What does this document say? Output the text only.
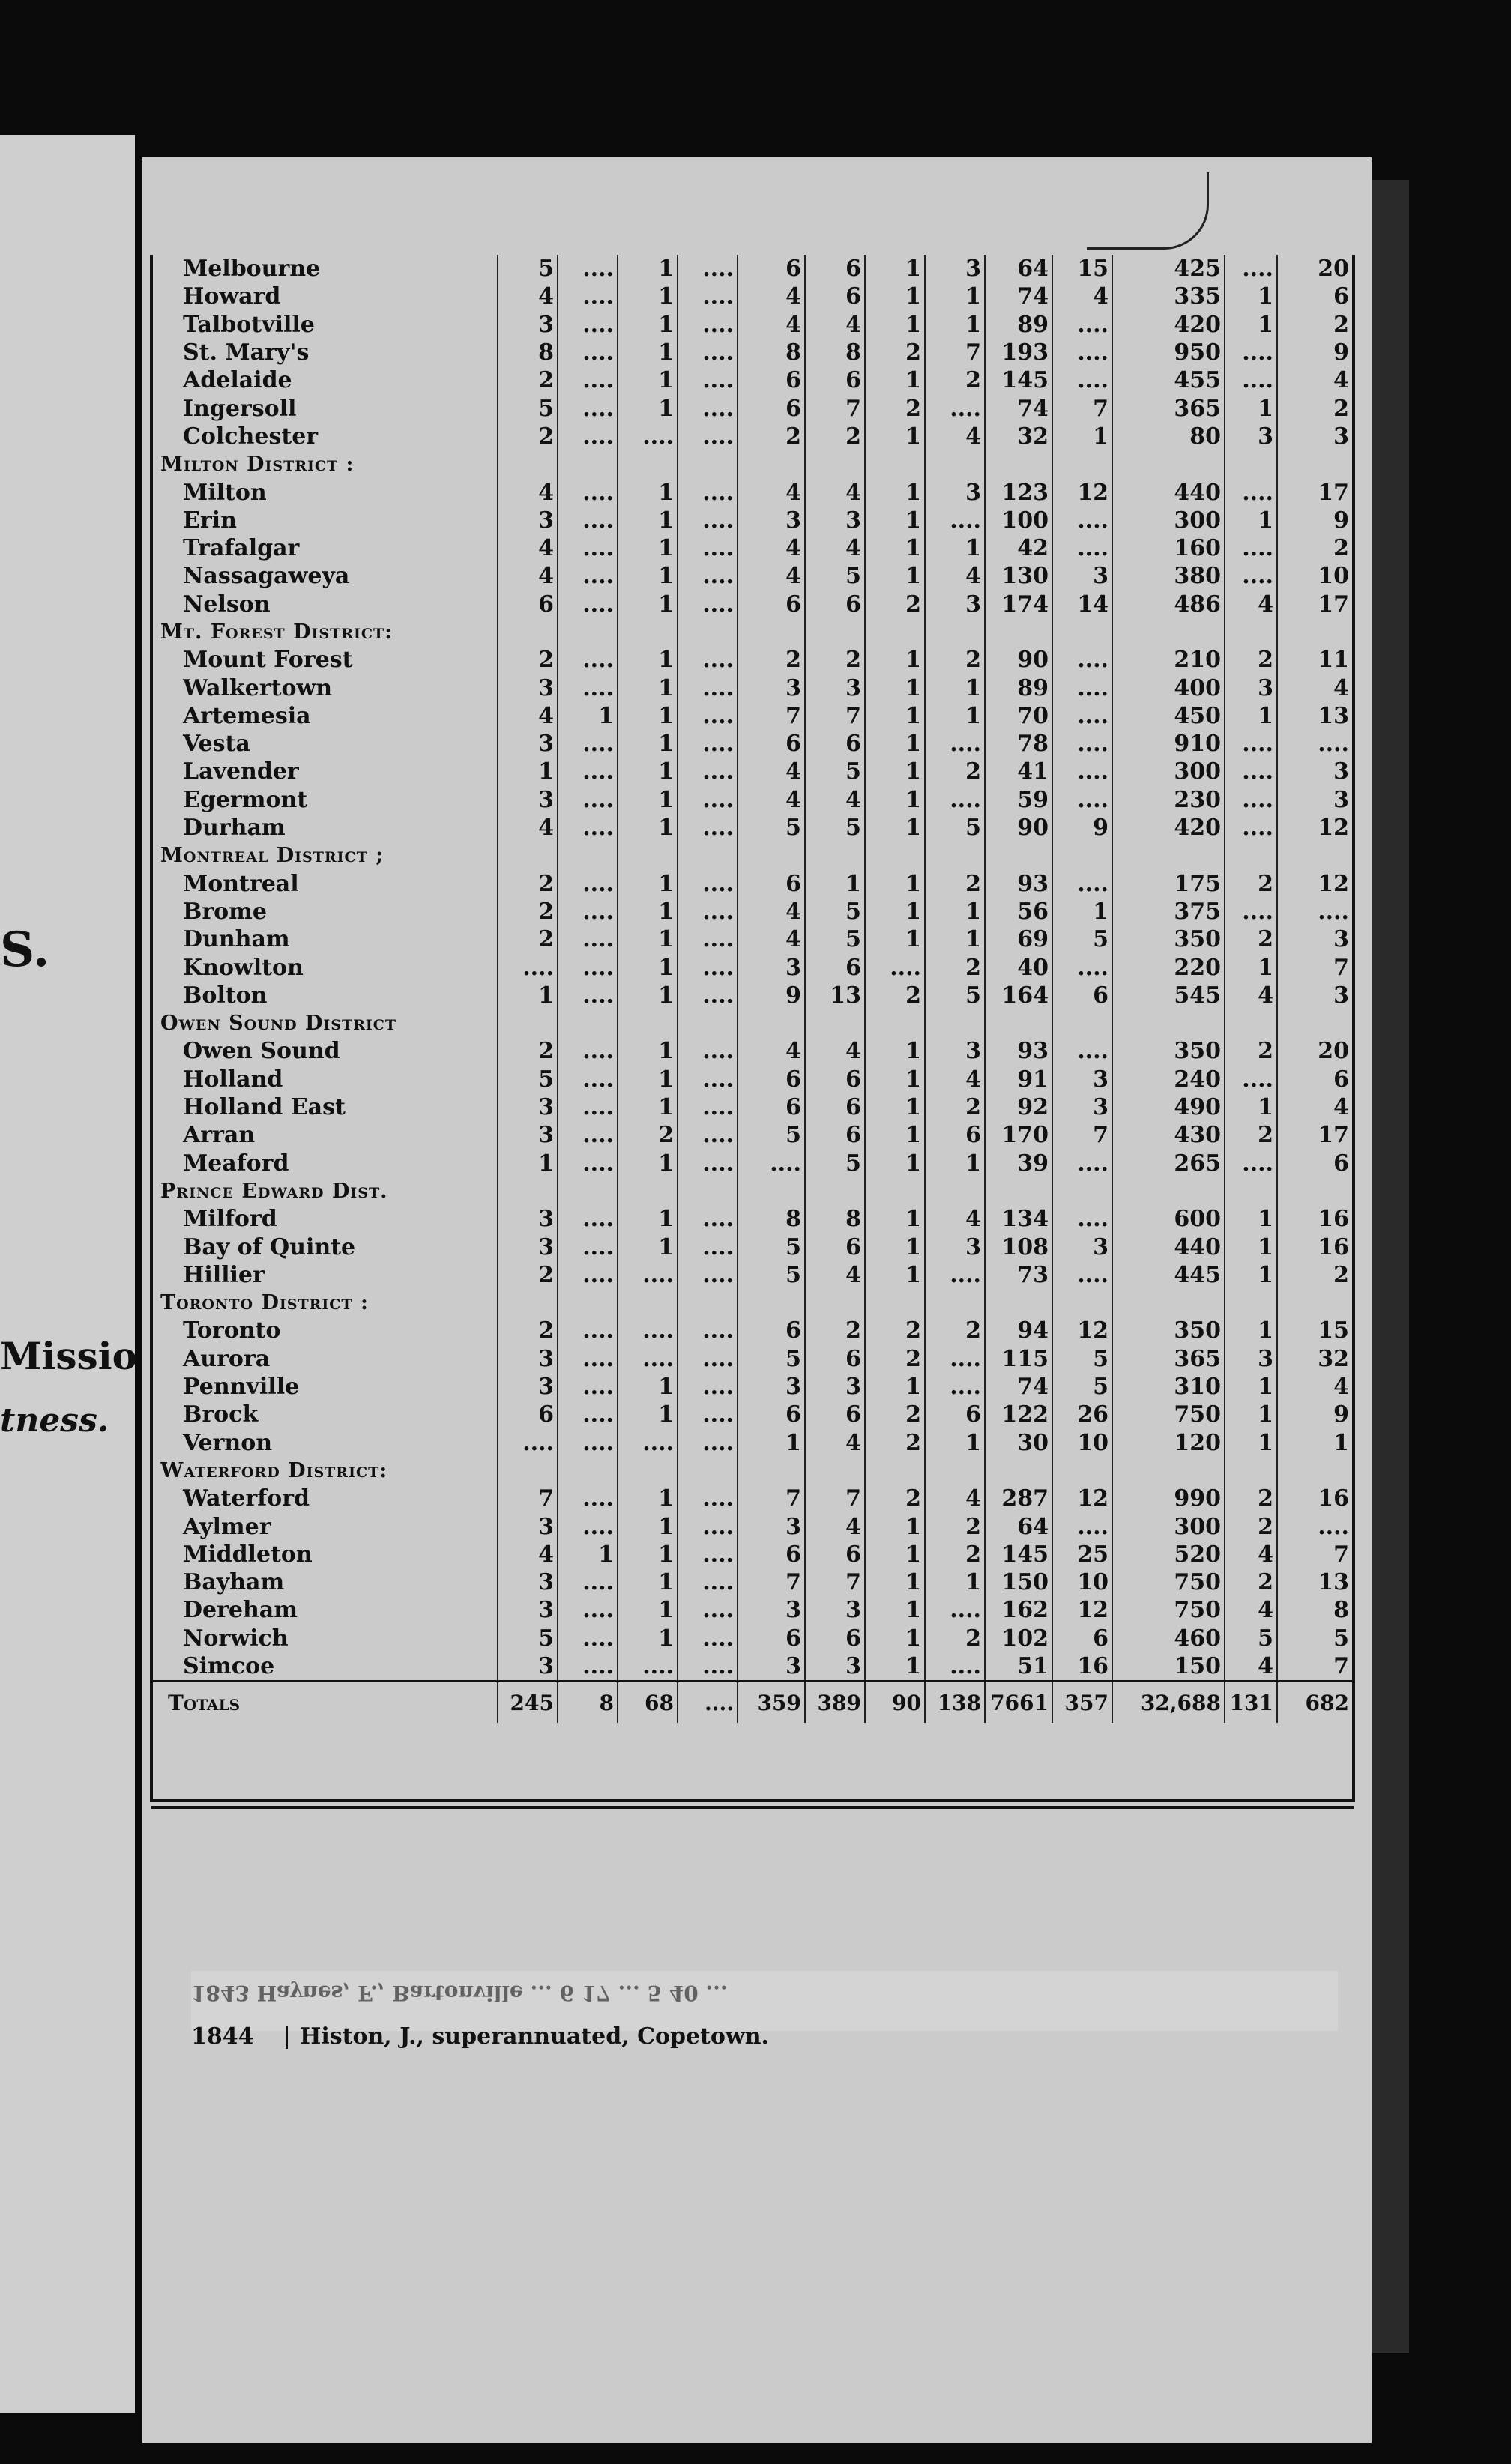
S.
Missio
tness.
Melbourne	5	....	1	....	6	6	1	3	64	15	425	....	20
Howard	4	....	1	....	4	6	1	1	74	4	335	1	6
Talbotville	3	....	1	....	4	4	1	1	89	....	420	1	2
St. Mary's	8	....	1	....	8	8	2	7	193	....	950	....	9
Adelaide	2	....	1	....	6	6	1	2	145	....	455	....	4
Ingersoll	5	....	1	....	6	7	2	....	74	7	365	1	2
Colchester	2	....	....	....	2	2	1	4	32	1	80	3	3
Milton District :													
Milton	4	....	1	....	4	4	1	3	123	12	440	....	17
Erin	3	....	1	....	3	3	1	....	100	....	300	1	9
Trafalgar	4	....	1	....	4	4	1	1	42	....	160	....	2
Nassagaweya	4	....	1	....	4	5	1	4	130	3	380	....	10
Nelson	6	....	1	....	6	6	2	3	174	14	486	4	17
Mt. Forest District:													
Mount Forest	2	....	1	....	2	2	1	2	90	....	210	2	11
Walkertown	3	....	1	....	3	3	1	1	89	....	400	3	4
Artemesia	4	1	1	....	7	7	1	1	70	....	450	1	13
Vesta	3	....	1	....	6	6	1	....	78	....	910	....	....
Lavender	1	....	1	....	4	5	1	2	41	....	300	....	3
Egermont	3	....	1	....	4	4	1	....	59	....	230	....	3
Durham	4	....	1	....	5	5	1	5	90	9	420	....	12
Montreal District ;													
Montreal	2	....	1	....	6	1	1	2	93	....	175	2	12
Brome	2	....	1	....	4	5	1	1	56	1	375	....	....
Dunham	2	....	1	....	4	5	1	1	69	5	350	2	3
Knowlton	....	....	1	....	3	6	....	2	40	....	220	1	7
Bolton	1	....	1	....	9	13	2	5	164	6	545	4	3
Owen Sound District													
Owen Sound	2	....	1	....	4	4	1	3	93	....	350	2	20
Holland	5	....	1	....	6	6	1	4	91	3	240	....	6
Holland East	3	....	1	....	6	6	1	2	92	3	490	1	4
Arran	3	....	2	....	5	6	1	6	170	7	430	2	17
Meaford	1	....	1	....	....	5	1	1	39	....	265	....	6
Prince Edward Dist.													
Milford	3	....	1	....	8	8	1	4	134	....	600	1	16
Bay of Quinte	3	....	1	....	5	6	1	3	108	3	440	1	16
Hillier	2	....	....	....	5	4	1	....	73	....	445	1	2
Toronto District :													
Toronto	2	....	....	....	6	2	2	2	94	12	350	1	15
Aurora	3	....	....	....	5	6	2	....	115	5	365	3	32
Pennville	3	....	1	....	3	3	1	....	74	5	310	1	4
Brock	6	....	1	....	6	6	2	6	122	26	750	1	9
Vernon	....	....	....	....	1	4	2	1	30	10	120	1	1
Waterford District:													
Waterford	7	....	1	....	7	7	2	4	287	12	990	2	16
Aylmer	3	....	1	....	3	4	1	2	64	....	300	2	....
Middleton	4	1	1	....	6	6	1	2	145	25	520	4	7
Bayham	3	....	1	....	7	7	1	1	150	10	750	2	13
Dereham	3	....	1	....	3	3	1	....	162	12	750	4	8
Norwich	5	....	1	....	6	6	1	2	102	6	460	5	5
Simcoe	3	....	....	....	3	3	1	....	51	16	150	4	7
Totals	245	8	68	....	359	389	90	138	7661	357	32,688	131	682
1843 Haynes, F., Bartonville ... 6 17 ... 5 40 ...
1844 Histon, J., superannuated, Copetown.
